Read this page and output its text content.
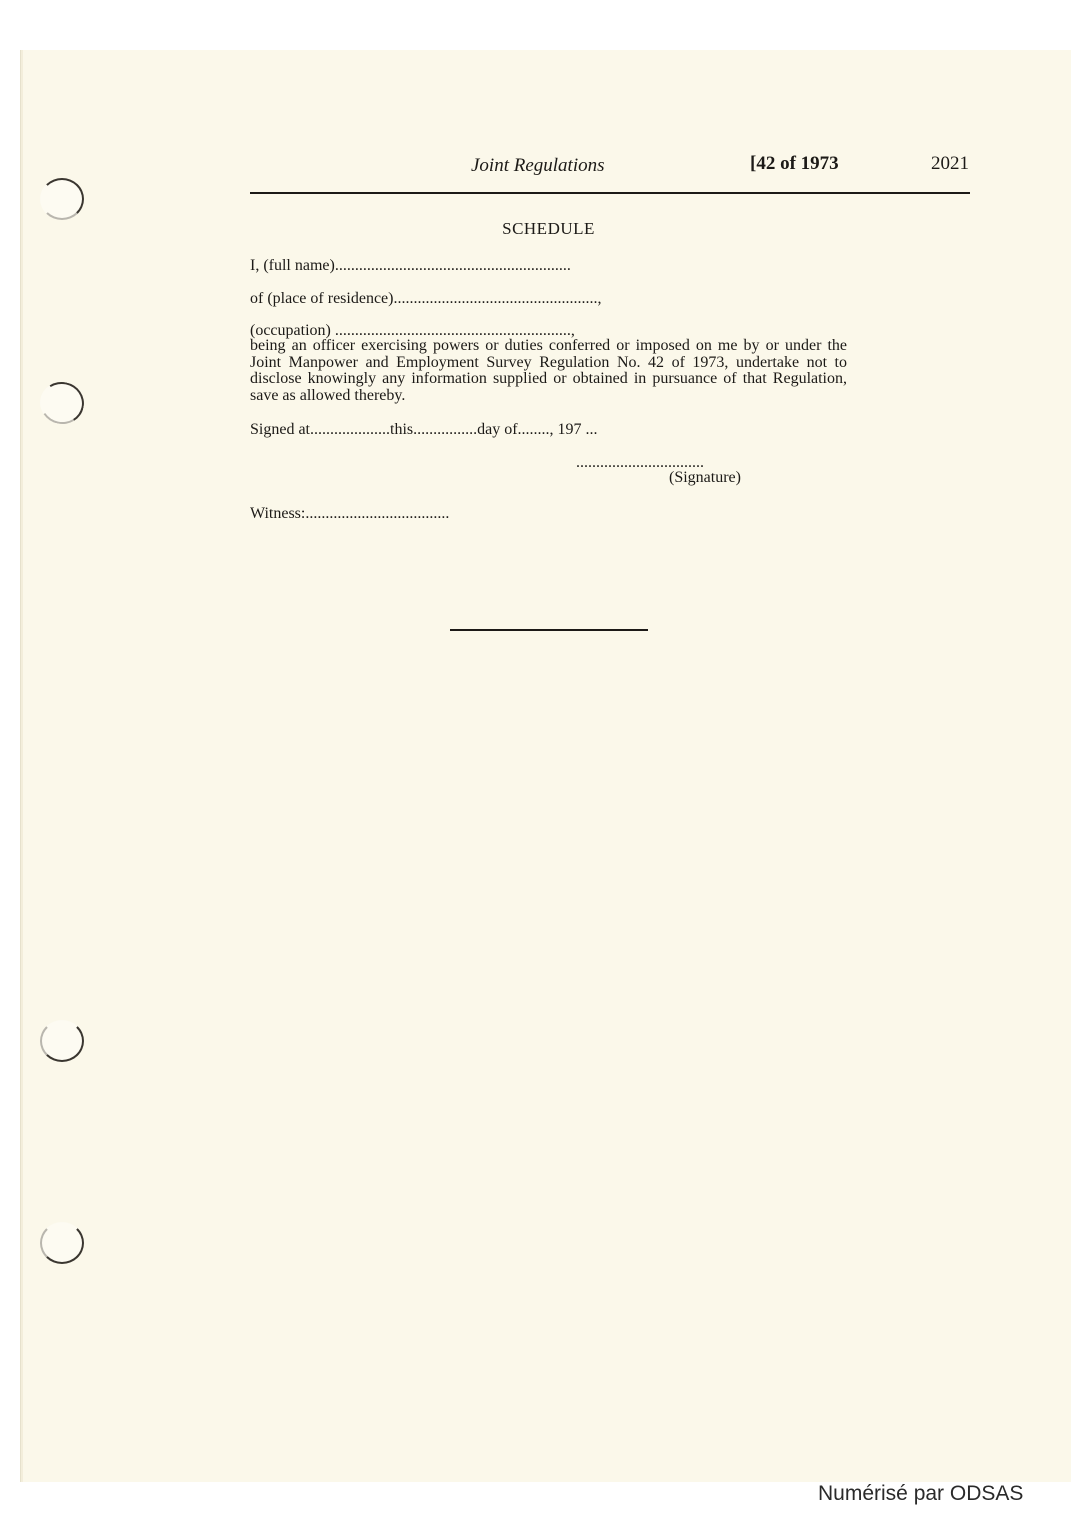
Joint Regulations	[42 of 1973	2021
SCHEDULE
I, (full name)...........................................................
of (place of residence)...................................................,
(occupation) ...........................................................,
being an officer exercising powers or duties conferred or imposed on me by or under the Joint Manpower and Employment Survey Regulation No. 42 of 1973, undertake not to disclose knowingly any information supplied or obtained in pursuance of that Regulation, save as allowed thereby.
Signed at....................this................day of........, 197 ...
................................
(Signature)
Witness:....................................
Numérisé par ODSAS
